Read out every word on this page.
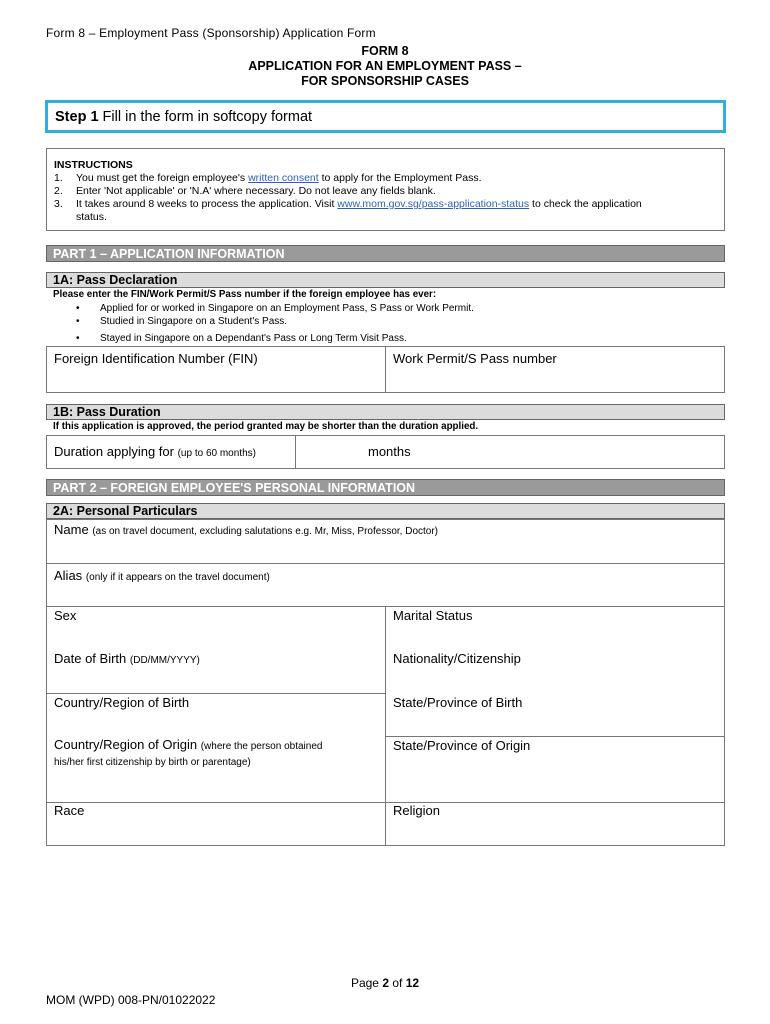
Form 8 – Employment Pass (Sponsorship) Application Form
FORM 8
APPLICATION FOR AN EMPLOYMENT PASS –
FOR SPONSORSHIP CASES
Step 1 Fill in the form in softcopy format
INSTRUCTIONS
1.	You must get the foreign employee's written consent to apply for the Employment Pass.
2.	Enter 'Not applicable' or 'N.A' where necessary. Do not leave any fields blank.
3.	It takes around 8 weeks to process the application. Visit www.mom.gov.sg/pass-application-status to check the application
status.
PART 1 – APPLICATION INFORMATION
1A: Pass Declaration
Please enter the FIN/Work Permit/S Pass number if the foreign employee has ever:
•	Applied for or worked in Singapore on an Employment Pass, S Pass or Work Permit.
•	Studied in Singapore on a Student's Pass.
•	Stayed in Singapore on a Dependant's Pass or Long Term Visit Pass.
Foreign Identification Number (FIN)	Work Permit/S Pass number
1B: Pass Duration
If this application is approved, the period granted may be shorter than the duration applied.
Duration applying for (up to 60 months)	months
PART 2 – FOREIGN EMPLOYEE'S PERSONAL INFORMATION
2A: Personal Particulars
Name (as on travel document, excluding salutations e.g. Mr, Miss, Professor, Doctor)
Alias (only if it appears on the travel document)
Sex	Marital Status
Date of Birth (DD/MM/YYYY)	Nationality/Citizenship
Country/Region of Birth	State/Province of Birth
Country/Region of Origin (where the person obtained
his/her first citizenship by birth or parentage)
State/Province of Origin
Race	Religion
Page 2 of 12
MOM (WPD) 008-PN/01022022
